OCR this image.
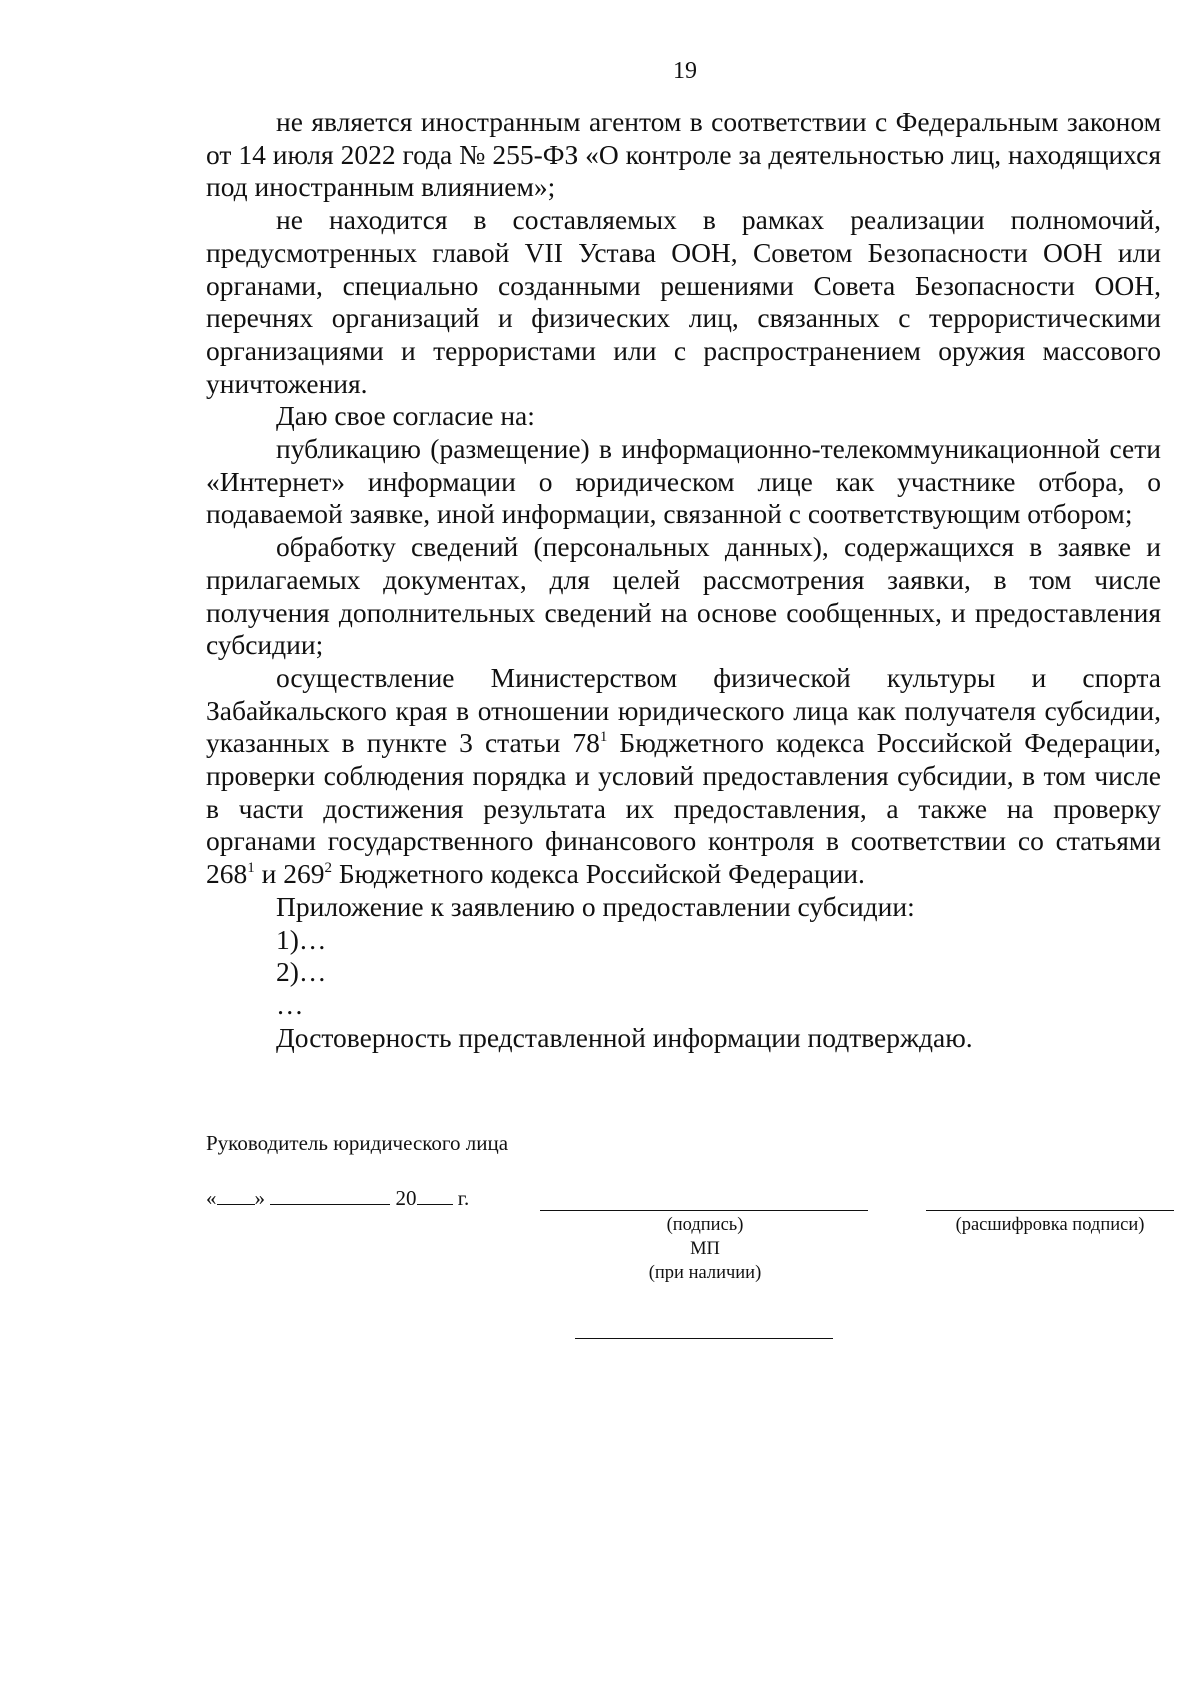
19

не является иностранным агентом в соответствии с Федеральным законом от 14 июля 2022 года № 255-ФЗ «О контроле за деятельностью лиц, находящихся под иностранным влиянием»;

не находится в составляемых в рамках реализации полномочий, предусмотренных главой VII Устава ООН, Советом Безопасности ООН или органами, специально созданными решениями Совета Безопасности ООН, перечнях организаций и физических лиц, связанных с террористическими организациями и террористами или с распространением оружия массового уничтожения.

Даю свое согласие на:

публикацию (размещение) в информационно-телекоммуникационной сети «Интернет» информации о юридическом лице как участнике отбора, о подаваемой заявке, иной информации, связанной с соответствующим отбором;

обработку сведений (персональных данных), содержащихся в заявке и прилагаемых документах, для целей рассмотрения заявки, в том числе получения дополнительных сведений на основе сообщенных, и предоставления субсидии;

осуществление Министерством физической культуры и спорта Забайкальского края в отношении юридического лица как получателя субсидии, указанных в пункте 3 статьи $78^1$ Бюджетного кодекса Российской Федерации, проверки соблюдения порядка и условий предоставления субсидии, в том числе в части достижения результата их предоставления, а также на проверку органами государственного финансового контроля в соответствии со статьями $268^1$ и $269^2$ Бюджетного кодекса Российской Федерации.

Приложение к заявлению о предоставлении субсидии:

1)…

2)…

…

Достоверность представленной информации подтверждаю.

Руководитель юридического лица
« »	20 г.
(подпись)	(расшифровка подписи)
МП
(при наличии)
